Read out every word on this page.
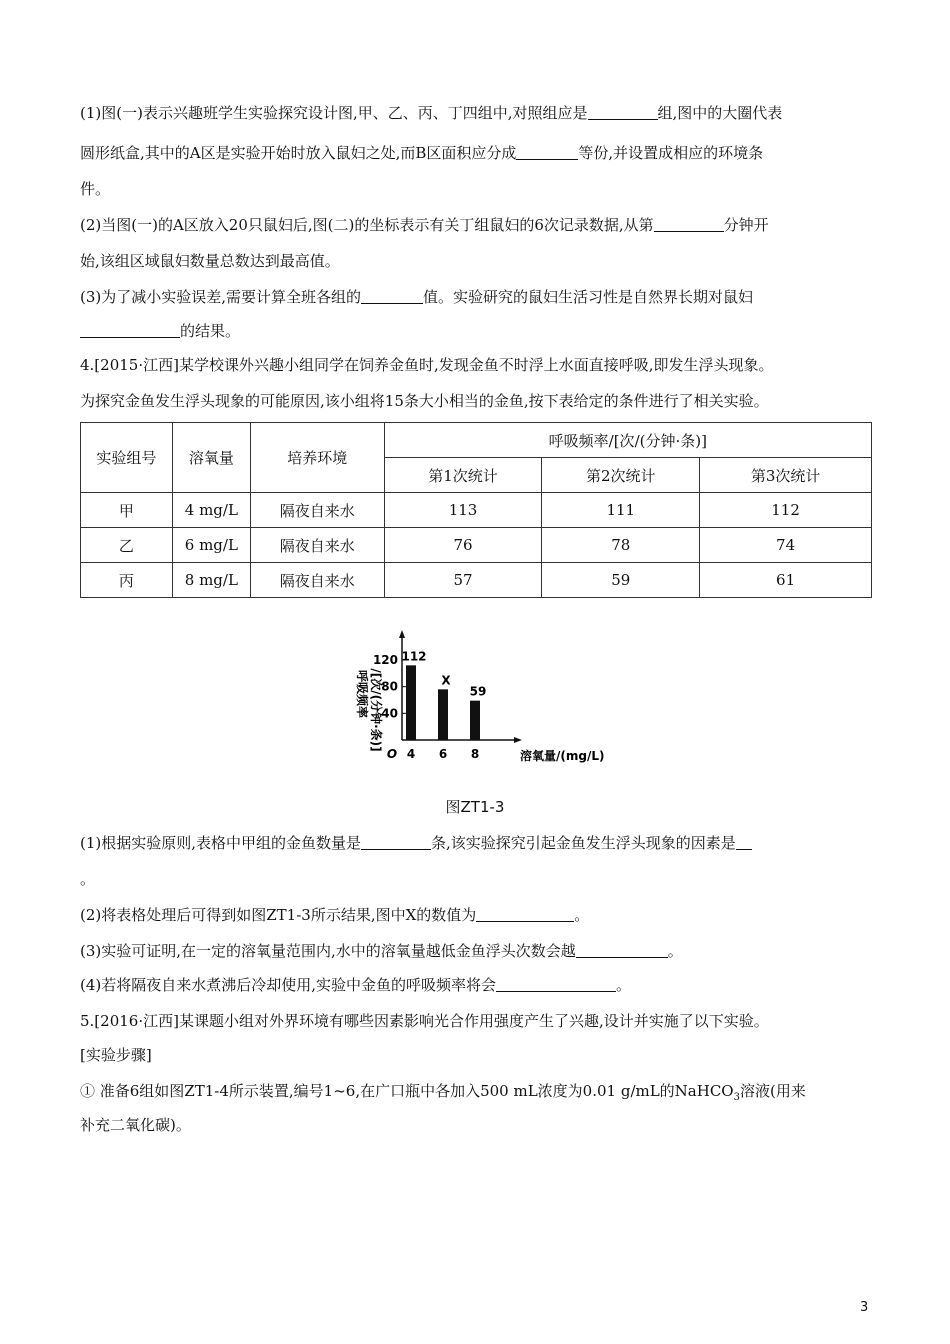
(1)图(一)表示兴趣班学生实验探究设计图,甲、乙、丙、丁四组中,对照组应是	组,图中的大圈代表
圆形纸盒,其中的A区是实验开始时放入鼠妇之处,而B区面积应分成	等份,并设置成相应的环境条
件。
(2)当图(一)的A区放入20只鼠妇后,图(二)的坐标表示有关丁组鼠妇的6次记录数据,从第	分钟开
始,该组区域鼠妇数量总数达到最高值。
(3)为了减小实验误差,需要计算全班各组的	值。实验研究的鼠妇生活习性是自然界长期对鼠妇
的结果。
4.[2015·江西]某学校课外兴趣小组同学在饲养金鱼时,发现金鱼不时浮上水面直接呼吸,即发生浮头现象。
为探究金鱼发生浮头现象的可能原因,该小组将15条大小相当的金鱼,按下表给定的条件进行了相关实验。
实验组号	溶氧量	培养环境	呼吸频率/[次/(分钟·条)]		
			第1次统计	第2次统计	第3次统计
甲	4 mg/L	隔夜自来水	113	111	112
乙	6 mg/L	隔夜自来水	76	78	74
丙	8 mg/L	隔夜自来水	57	59	61
呼吸频率 /[次/(分钟·条)]
O
40
80
120 112
4
X
6
59
8	溶氧量/(mg/L)
图ZT1-3
(1)根据实验原则,表格中甲组的金鱼数量是	条,该实验探究引起金鱼发生浮头现象的因素是
。
(2)将表格处理后可得到如图ZT1-3所示结果,图中X的数值为	。
(3)实验可证明,在一定的溶氧量范围内,水中的溶氧量越低金鱼浮头次数会越	。
(4)若将隔夜自来水煮沸后冷却使用,实验中金鱼的呼吸频率将会	。
5.[2016·江西]某课题小组对外界环境有哪些因素影响光合作用强度产生了兴趣,设计并实施了以下实验。
[实验步骤]
① 准备6组如图ZT1-4所示装置,编号1~6,在广口瓶中各加入500 mL浓度为0.01 g/mL的NaHCO$_3$溶液(用来
补充二氧化碳)。
3
